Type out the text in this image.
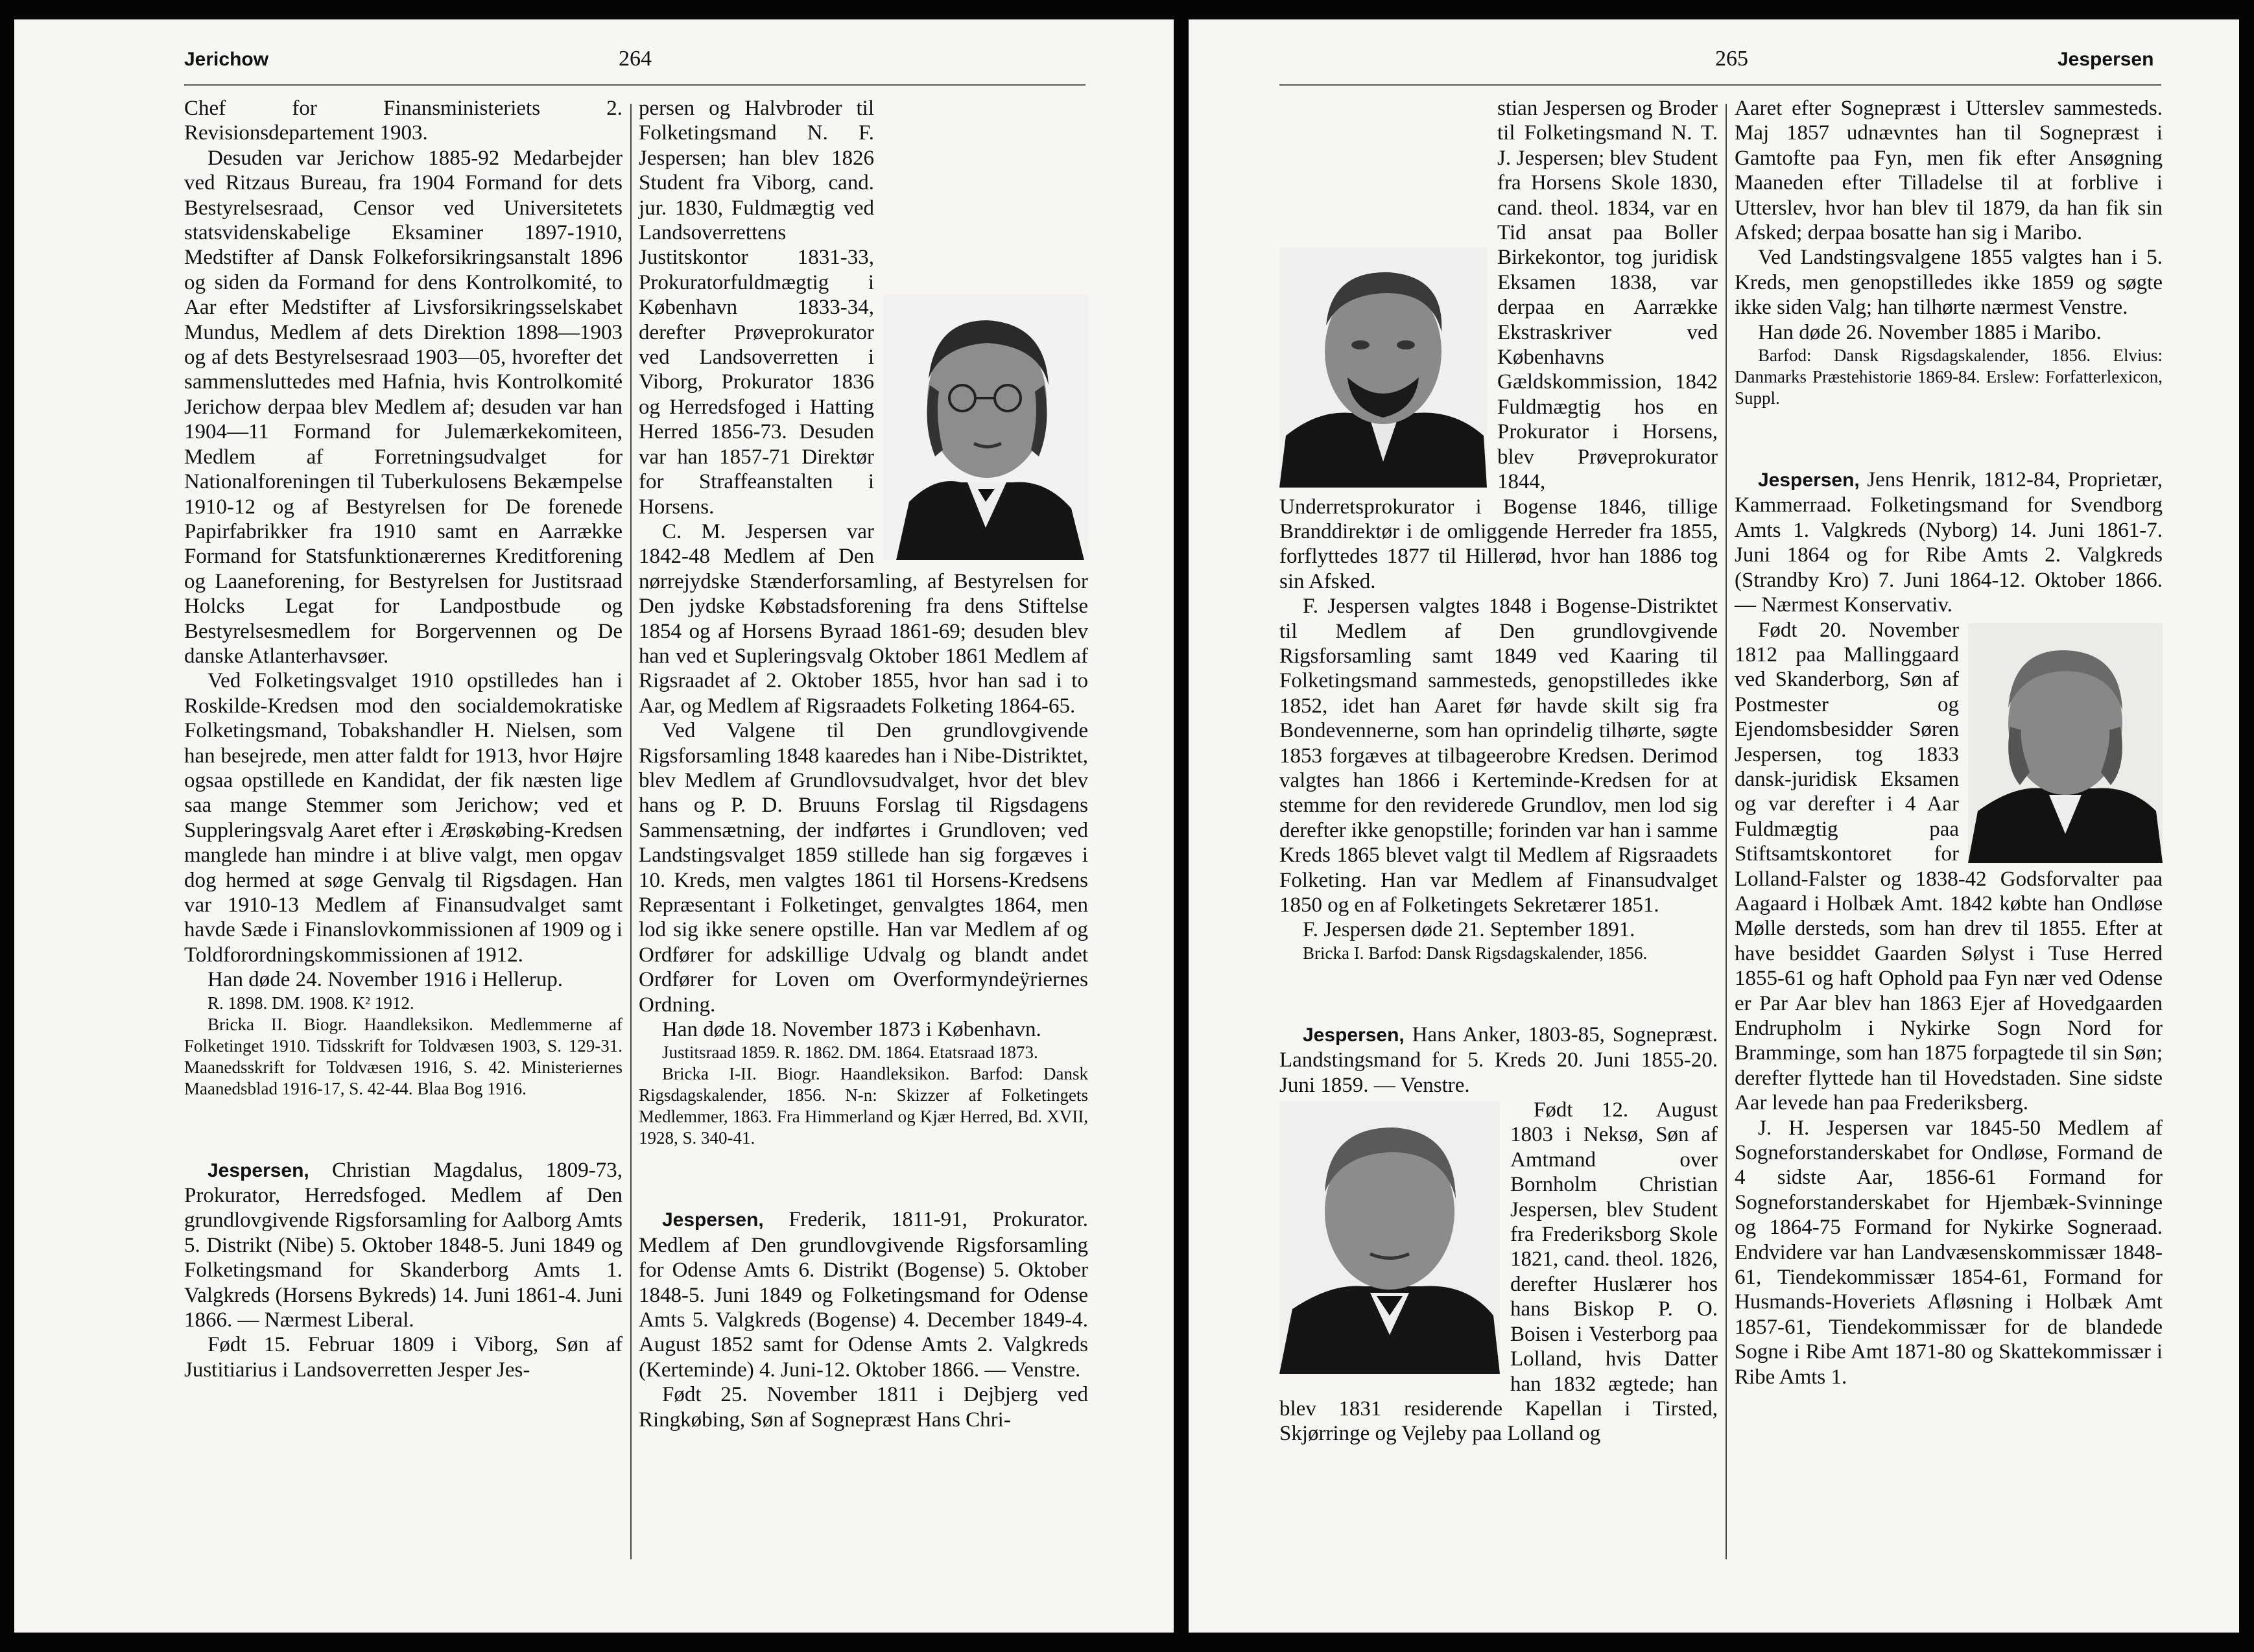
Jerichow	264

Chef for Finansministeriets 2. Revisionsdepartement 1903.

Desuden var Jerichow 1885-92 Medarbejder ved Ritzaus Bureau, fra 1904 Formand for dets Bestyrelsesraad, Censor ved Universitetets statsvidenskabelige Eksaminer 1897-1910, Medstifter af Dansk Folkeforsikringsanstalt 1896 og siden da Formand for dens Kontrolkomité, to Aar efter Medstifter af Livsforsikringsselskabet Mundus, Medlem af dets Direktion 1898—1903 og af dets Bestyrelsesraad 1903—05, hvorefter det sammensluttedes med Hafnia, hvis Kontrolkomité Jerichow derpaa blev Medlem af; desuden var han 1904—11 Formand for Julemærkekomiteen, Medlem af Forretningsudvalget for Nationalforeningen til Tuberkulosens Bekæmpelse 1910-12 og af Bestyrelsen for De forenede Papirfabrikker fra 1910 samt en Aarrække Formand for Statsfunktionærernes Kreditforening og Laaneforening, for Bestyrelsen for Justitsraad Holcks Legat for Landpostbude og Bestyrelsesmedlem for Borgervennen og De danske Atlanterhavsøer.

Ved Folketingsvalget 1910 opstilledes han i Roskilde-Kredsen mod den socialdemokratiske Folketingsmand, Tobakshandler H. Nielsen, som han besejrede, men atter faldt for 1913, hvor Højre ogsaa opstillede en Kandidat, der fik næsten lige saa mange Stemmer som Jerichow; ved et Suppleringsvalg Aaret efter i Ærøskøbing-Kredsen manglede han mindre i at blive valgt, men opgav dog hermed at søge Genvalg til Rigsdagen. Han var 1910-13 Medlem af Finansudvalget samt havde Sæde i Finanslovkommissionen af 1909 og i Toldforordningskommissionen af 1912.

Han døde 24. November 1916 i Hellerup.

R. 1898. DM. 1908. K² 1912.

Bricka II. Biogr. Haandleksikon. Medlemmerne af Folketinget 1910. Tidsskrift for Toldvæsen 1903, S. 129-31. Maanedsskrift for Toldvæsen 1916, S. 42. Ministeriernes Maanedsblad 1916-17, S. 42-44. Blaa Bog 1916.

Jespersen, Christian Magdalus, 1809-73, Prokurator, Herredsfoged. Medlem af Den grundlovgivende Rigsforsamling for Aalborg Amts 5. Distrikt (Nibe) 5. Oktober 1848-5. Juni 1849 og Folketingsmand for Skanderborg Amts 1. Valgkreds (Horsens Bykreds) 14. Juni 1861-4. Juni 1866. — Nærmest Liberal.

Født 15. Februar 1809 i Viborg, Søn af Justitiarius i Landsoverretten Jesper Jes-

persen og Halvbroder til Folketingsmand N. F. Jespersen; han blev 1826 Student fra Viborg, cand. jur. 1830, Fuldmægtig ved Landsoverrettens Justitskontor 1831-33, Prokuratorfuldmægtig i København 1833-34, derefter Prøveprokurator ved Landsoverretten i Viborg, Prokurator 1836 og Herredsfoged i Hatting Herred 1856-73. Desuden var han 1857-71 Direktør for Straffeanstalten i Horsens.

C. M. Jespersen var 1842-48 Medlem af Den nørrejydske Stænderforsamling, af Bestyrelsen for Den jydske Købstadsforening fra dens Stiftelse 1854 og af Horsens Byraad 1861-69; desuden blev han ved et Supleringsvalg Oktober 1861 Medlem af Rigsraadet af 2. Oktober 1855, hvor han sad i to Aar, og Medlem af Rigsraadets Folketing 1864-65.

Ved Valgene til Den grundlovgivende Rigsforsamling 1848 kaaredes han i Nibe-Distriktet, blev Medlem af Grundlovsudvalget, hvor det blev hans og P. D. Bruuns Forslag til Rigsdagens Sammensætning, der indførtes i Grundloven; ved Landstingsvalget 1859 stillede han sig forgæves i 10. Kreds, men valgtes 1861 til Horsens-Kredsens Repræsentant i Folketinget, genvalgtes 1864, men lod sig ikke senere opstille. Han var Medlem af og Ordfører for adskillige Udvalg og blandt andet Ordfører for Loven om Overformyndeÿriernes Ordning.

Han døde 18. November 1873 i København.

Justitsraad 1859. R. 1862. DM. 1864. Etatsraad 1873.

Bricka I-II. Biogr. Haandleksikon. Barfod: Dansk Rigsdagskalender, 1856. N-n: Skizzer af Folketingets Medlemmer, 1863. Fra Himmerland og Kjær Herred, Bd. XVII, 1928, S. 340-41.

Jespersen, Frederik, 1811-91, Prokurator. Medlem af Den grundlovgivende Rigsforsamling for Odense Amts 6. Distrikt (Bogense) 5. Oktober 1848-5. Juni 1849 og Folketingsmand for Odense Amts 5. Valgkreds (Bogense) 4. December 1849-4. August 1852 samt for Odense Amts 2. Valgkreds (Kerteminde) 4. Juni-12. Oktober 1866. — Venstre.

Født 25. November 1811 i Dejbjerg ved Ringkøbing, Søn af Sognepræst Hans Chri-

265	Jespersen

stian Jespersen og Broder til Folketingsmand N. T. J. Jespersen; blev Student fra Horsens Skole 1830, cand. theol. 1834, var en Tid ansat paa Boller Birkekontor, tog juridisk Eksamen 1838, var derpaa en Aarrække Ekstraskriver ved Københavns Gældskommission, 1842 Fuldmægtig hos en Prokurator i Horsens, blev Prøveprokurator 1844, Underretsprokurator i Bogense 1846, tillige Branddirektør i de omliggende Herreder fra 1855, forflyttedes 1877 til Hillerød, hvor han 1886 tog sin Afsked.

F. Jespersen valgtes 1848 i Bogense-Distriktet til Medlem af Den grundlovgivende Rigsforsamling samt 1849 ved Kaaring til Folketingsmand sammesteds, genopstilledes ikke 1852, idet han Aaret før havde skilt sig fra Bondevennerne, som han oprindelig tilhørte, søgte 1853 forgæves at tilbageerobre Kredsen. Derimod valgtes han 1866 i Kerteminde-Kredsen for at stemme for den reviderede Grundlov, men lod sig derefter ikke genopstille; forinden var han i samme Kreds 1865 blevet valgt til Medlem af Rigsraadets Folketing. Han var Medlem af Finansudvalget 1850 og en af Folketingets Sekretærer 1851.

F. Jespersen døde 21. September 1891.

Bricka I. Barfod: Dansk Rigsdagskalender, 1856.

Jespersen, Hans Anker, 1803-85, Sognepræst. Landstingsmand for 5. Kreds 20. Juni 1855-20. Juni 1859. — Venstre.

Født 12. August 1803 i Neksø, Søn af Amtmand over Bornholm Christian Jespersen, blev Student fra Frederiksborg Skole 1821, cand. theol. 1826, derefter Huslærer hos hans Biskop P. O. Boisen i Vesterborg paa Lolland, hvis Datter han 1832 ægtede; han blev 1831 residerende Kapellan i Tirsted, Skjørringe og Vejleby paa Lolland og

Aaret efter Sognepræst i Utterslev sammesteds. Maj 1857 udnævntes han til Sognepræst i Gamtofte paa Fyn, men fik efter Ansøgning Maaneden efter Tilladelse til at forblive i Utterslev, hvor han blev til 1879, da han fik sin Afsked; derpaa bosatte han sig i Maribo.

Ved Landstingsvalgene 1855 valgtes han i 5. Kreds, men genopstilledes ikke 1859 og søgte ikke siden Valg; han tilhørte nærmest Venstre.

Han døde 26. November 1885 i Maribo.

Barfod: Dansk Rigsdagskalender, 1856. Elvius: Danmarks Præstehistorie 1869-84. Erslew: Forfatterlexicon, Suppl.

Jespersen, Jens Henrik, 1812-84, Proprietær, Kammerraad. Folketingsmand for Svendborg Amts 1. Valgkreds (Nyborg) 14. Juni 1861-7. Juni 1864 og for Ribe Amts 2. Valgkreds (Strandby Kro) 7. Juni 1864-12. Oktober 1866. — Nærmest Konservativ.

Født 20. November 1812 paa Mallinggaard ved Skanderborg, Søn af Postmester og Ejendomsbesidder Søren Jespersen, tog 1833 dansk-juridisk Eksamen og var derefter i 4 Aar Fuldmægtig paa Stiftsamtskontoret for Lolland-Falster og 1838-42 Godsforvalter paa Aagaard i Holbæk Amt. 1842 købte han Ondløse Mølle dersteds, som han drev til 1855. Efter at have besiddet Gaarden Sølyst i Tuse Herred 1855-61 og haft Ophold paa Fyn nær ved Odense er Par Aar blev han 1863 Ejer af Hovedgaarden Endrupholm i Nykirke Sogn Nord for Bramminge, som han 1875 forpagtede til sin Søn; derefter flyttede han til Hovedstaden. Sine sidste Aar levede han paa Frederiksberg.

J. H. Jespersen var 1845-50 Medlem af Sogneforstanderskabet for Ondløse, Formand de 4 sidste Aar, 1856-61 Formand for Sogneforstanderskabet for Hjembæk-Svinninge og 1864-75 Formand for Nykirke Sogneraad. Endvidere var han Landvæsenskommissær 1848-61, Tiendekommissær 1854-61, Formand for Husmands-Hoveriets Afløsning i Holbæk Amt 1857-61, Tiendekommissær for de blandede Sogne i Ribe Amt 1871-80 og Skattekommissær i Ribe Amts 1.
